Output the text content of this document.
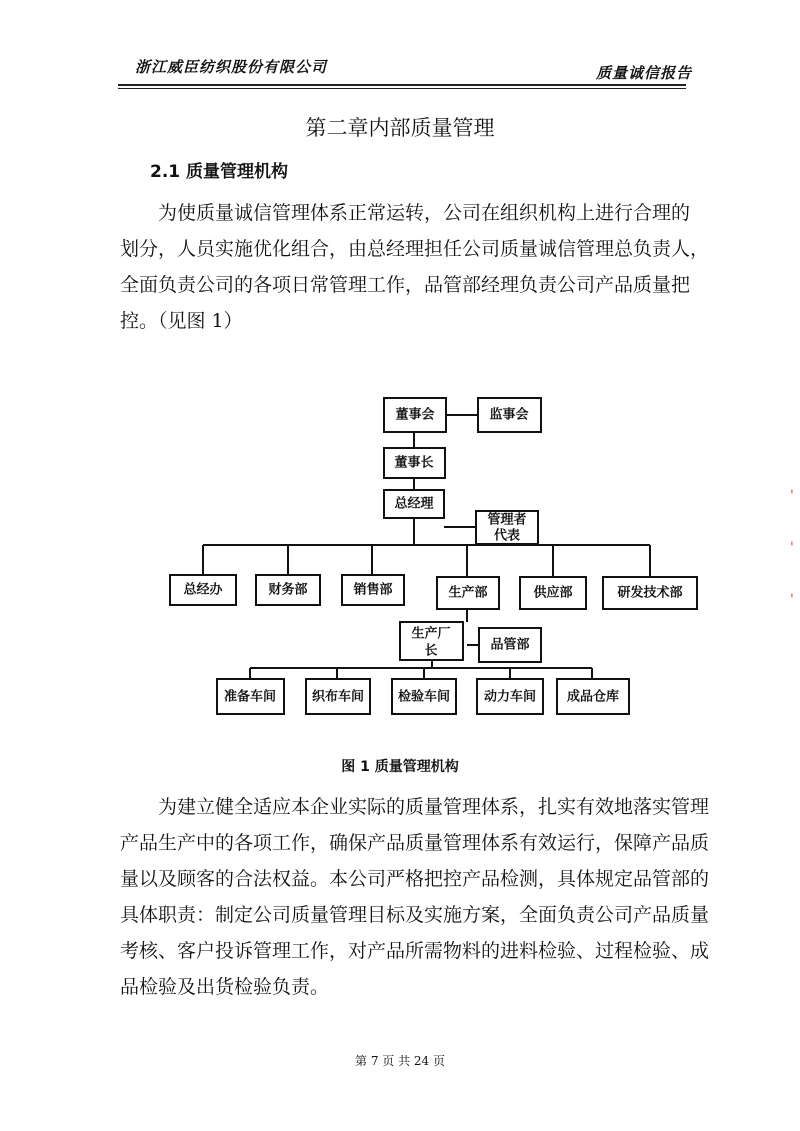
浙江威臣纺织股份有限公司	质量诚信报告
第二章内部质量管理
2.1 质量管理机构

　　为使质量诚信管理体系正常运转，公司在组织机构上进行合理的
划分，人员实施优化组合，由总经理担任公司质量诚信管理总负责人，
全面负责公司的各项日常管理工作，品管部经理负责公司产品质量把
控。（见图 1）

董事会	监事会
董事长
总经理
管理者
代表
总经办	财务部	销售部	生产部	供应部	研发技术部
生产厂
长	品管部
准备车间	织布车间	检验车间	动力车间 成品仓库
图 1 质量管理机构

　　为建立健全适应本企业实际的质量管理体系，扎实有效地落实管理
产品生产中的各项工作，确保产品质量管理体系有效运行，保障产品质
量以及顾客的合法权益。本公司严格把控产品检测，具体规定品管部的
具体职责：制定公司质量管理目标及实施方案，全面负责公司产品质量
考核、客户投诉管理工作，对产品所需物料的进料检验、过程检验、成
品检验及出货检验负责。

第 7 页 共 24 页
'
'
'
